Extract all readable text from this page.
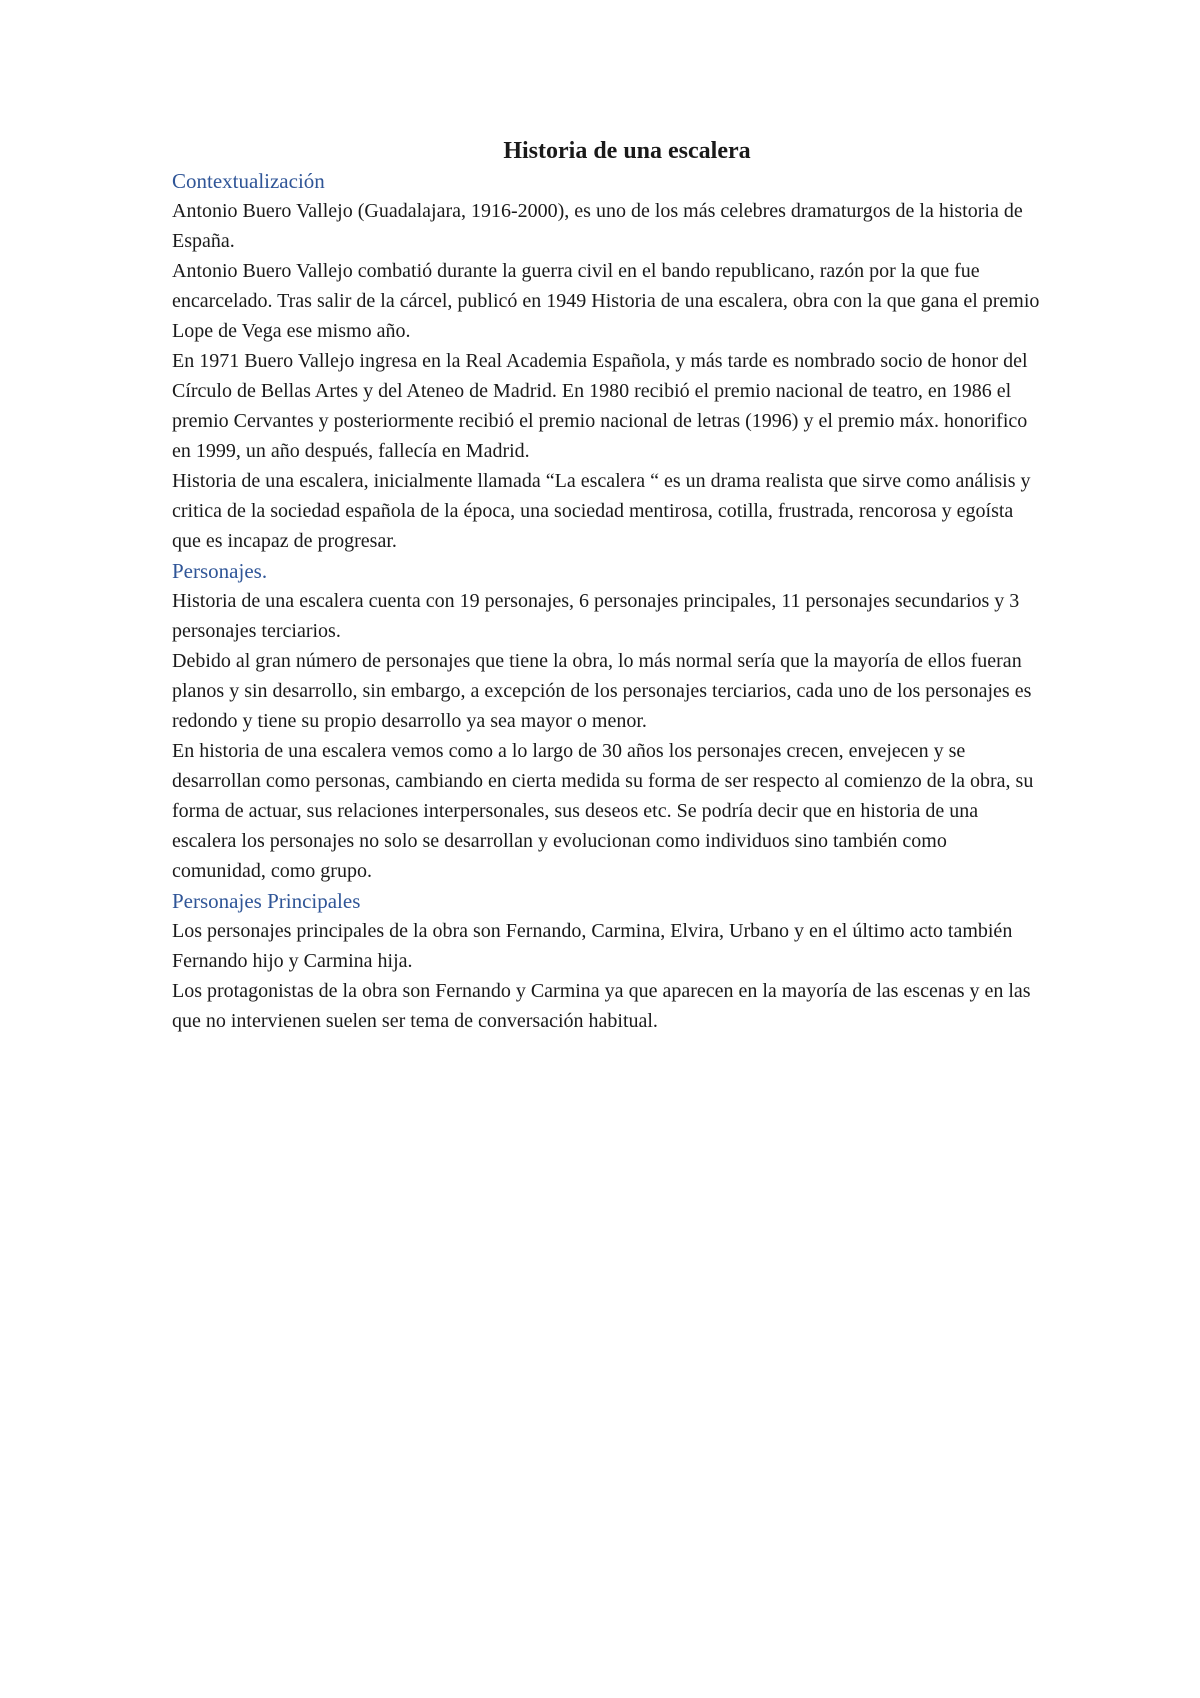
Historia de una escalera
Contextualización

Antonio Buero Vallejo (Guadalajara, 1916-2000), es uno de los más celebres dramaturgos de la historia de España.

Antonio Buero Vallejo combatió durante la guerra civil en el bando republicano, razón por la que fue encarcelado. Tras salir de la cárcel, publicó en 1949 Historia de una escalera, obra con la que gana el premio Lope de Vega ese mismo año.

En 1971 Buero Vallejo ingresa en la Real Academia Española, y más tarde es nombrado socio de honor del Círculo de Bellas Artes y del Ateneo de Madrid. En 1980 recibió el premio nacional de teatro, en 1986 el premio Cervantes y posteriormente recibió el premio nacional de letras (1996) y el premio máx. honorifico en 1999, un año después, fallecía en Madrid.

Historia de una escalera, inicialmente llamada “La escalera “ es un drama realista que sirve como análisis y critica de la sociedad española de la época, una sociedad mentirosa, cotilla, frustrada, rencorosa y egoísta que es incapaz de progresar.

Personajes.

Historia de una escalera cuenta con 19 personajes, 6 personajes principales, 11 personajes secundarios y 3 personajes terciarios.

Debido al gran número de personajes que tiene la obra, lo más normal sería que la mayoría de ellos fueran planos y sin desarrollo, sin embargo, a excepción de los personajes terciarios, cada uno de los personajes es redondo y tiene su propio desarrollo ya sea mayor o menor.

En historia de una escalera vemos como a lo largo de 30 años los personajes crecen, envejecen y se desarrollan como personas, cambiando en cierta medida su forma de ser respecto al comienzo de la obra, su forma de actuar, sus relaciones interpersonales, sus deseos etc. Se podría decir que en historia de una escalera los personajes no solo se desarrollan y evolucionan como individuos sino también como comunidad, como grupo.

Personajes Principales

Los personajes principales de la obra son Fernando, Carmina, Elvira, Urbano y en el último acto también Fernando hijo y Carmina hija.

Los protagonistas de la obra son Fernando y Carmina ya que aparecen en la mayoría de las escenas y en las que no intervienen suelen ser tema de conversación habitual.
